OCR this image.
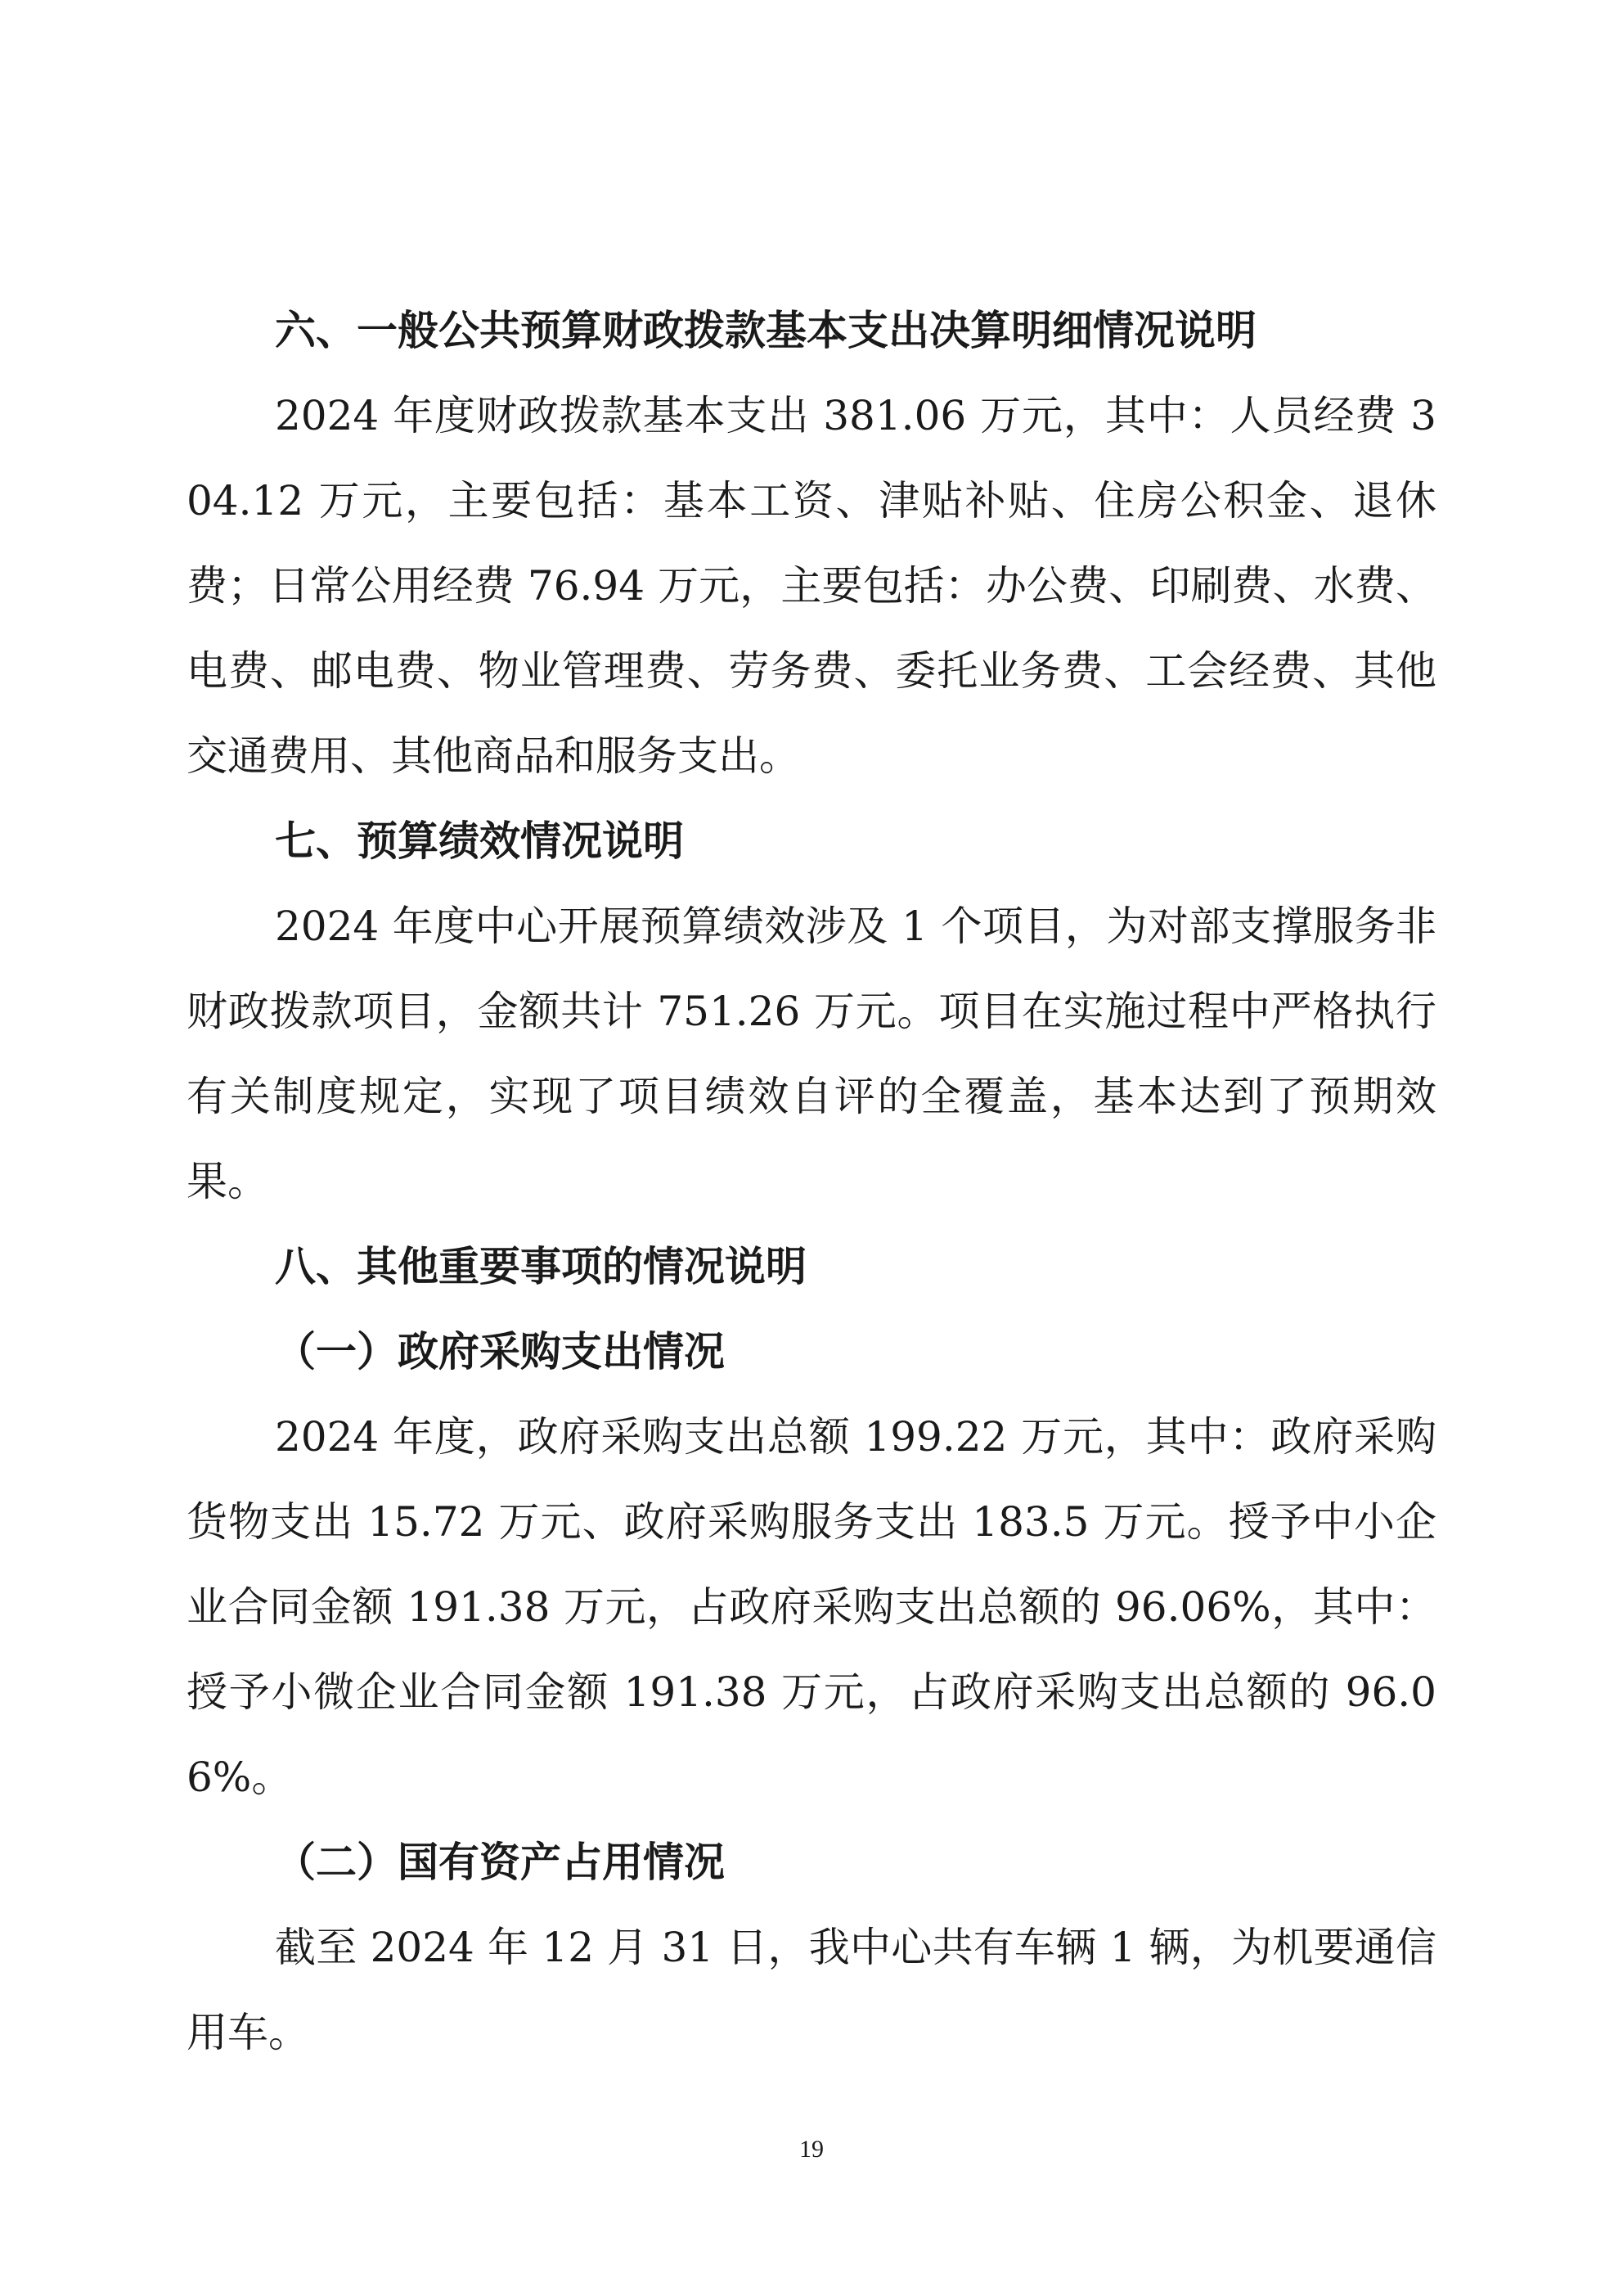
六、一般公共预算财政拨款基本支出决算明细情况说明

2024 年度财政拨款基本支出 381.06 万元，其中：人员经费 304.12 万元，主要包括：基本工资、津贴补贴、住房公积金、退休费；日常公用经费 76.94 万元，主要包括：办公费、印刷费、水费、电费、邮电费、物业管理费、劳务费、委托业务费、工会经费、其他交通费用、其他商品和服务支出。

七、预算绩效情况说明

2024 年度中心开展预算绩效涉及 1 个项目，为对部支撑服务非财政拨款项目，金额共计 751.26 万元。项目在实施过程中严格执行有关制度规定，实现了项目绩效自评的全覆盖，基本达到了预期效果。

八、其他重要事项的情况说明

（一）政府采购支出情况

2024 年度，政府采购支出总额 199.22 万元，其中：政府采购货物支出 15.72 万元、政府采购服务支出 183.5 万元。授予中小企业合同金额 191.38 万元，占政府采购支出总额的 96.06%，其中：授予小微企业合同金额 191.38 万元，占政府采购支出总额的 96.06%。

（二）国有资产占用情况

截至 2024 年 12 月 31 日，我中心共有车辆 1 辆，为机要通信用车。

19
